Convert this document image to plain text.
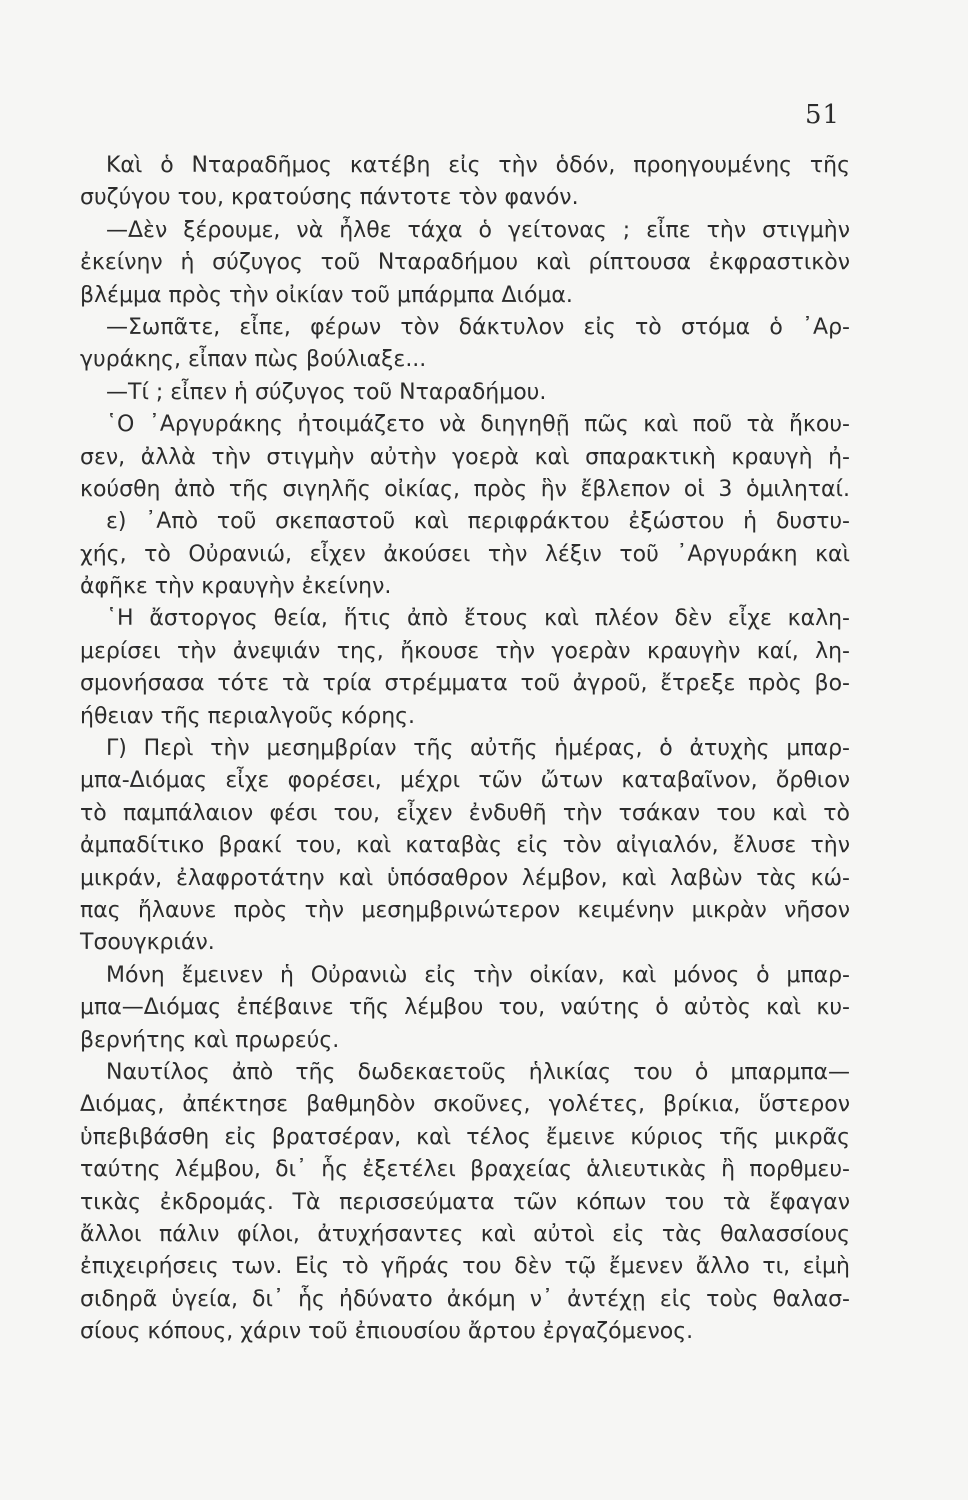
51
Καὶ ὁ Νταραδῆμος κατέβη εἰς τὴν ὁδόν, προηγουμένης τῆς
συζύγου του, κρατούσης πάντοτε τὸν φανόν.
—Δὲν ξέρουμε, νὰ ἦλθε τάχα ὁ γείτονας ; εἶπε τὴν στιγμὴν
ἐκείνην ἡ σύζυγος τοῦ Νταραδήμου καὶ ρίπτουσα ἐκφραστικὸν
βλέμμα πρὸς τὴν οἰκίαν τοῦ μπάρμπα Διόμα.
—Σωπᾶτε, εἶπε, φέρων τὸν δάκτυλον εἰς τὸ στόμα ὁ ᾽Αρ-
γυράκης, εἶπαν πὼς βούλιαξε...
—Τί ; εἶπεν ἡ σύζυγος τοῦ Νταραδήμου.
῾Ο ᾽Αργυράκης ἠτοιμάζετο νὰ διηγηθῇ πῶς καὶ ποῦ τὰ ἤκου-
σεν, ἀλλὰ τὴν στιγμὴν αὐτὴν γοερὰ καὶ σπαρακτικὴ κραυγὴ ἠ-
κούσθη ἀπὸ τῆς σιγηλῆς οἰκίας, πρὸς ἣν ἔβλεπον οἱ 3 ὁμιληταί.
ε) ᾽Απὸ τοῦ σκεπαστοῦ καὶ περιφράκτου ἐξώστου ἡ δυστυ-
χής, τὸ Οὐρανιώ, εἶχεν ἀκούσει τὴν λέξιν τοῦ ᾽Αργυράκη καὶ
ἀφῆκε τὴν κραυγὴν ἐκείνην.
῾Η ἄστοργος θεία, ἥτις ἀπὸ ἔτους καὶ πλέον δὲν εἶχε καλη-
μερίσει τὴν ἀνεψιάν της, ἤκουσε τὴν γοερὰν κραυγὴν καί, λη-
σμονήσασα τότε τὰ τρία στρέμματα τοῦ ἀγροῦ, ἔτρεξε πρὸς βο-
ήθειαν τῆς περιαλγοῦς κόρης.
Γ) Περὶ τὴν μεσημβρίαν τῆς αὐτῆς ἡμέρας, ὁ ἀτυχὴς μπαρ-
μπα-Διόμας εἶχε φορέσει, μέχρι τῶν ὤτων καταβαῖνον, ὄρθιον
τὸ παμπάλαιον φέσι του, εἶχεν ἐνδυθῆ τὴν τσάκαν του καὶ τὸ
ἀμπαδίτικο βρακί του, καὶ καταβὰς εἰς τὸν αἰγιαλόν, ἔλυσε τὴν
μικράν, ἐλαφροτάτην καὶ ὑπόσαθρον λέμβον, καὶ λαβὼν τὰς κώ-
πας ἤλαυνε πρὸς τὴν μεσημβρινώτερον κειμένην μικρὰν νῆσον
Τσουγκριάν.
Μόνη ἔμεινεν ἡ Οὐρανιὼ εἰς τὴν οἰκίαν, καὶ μόνος ὁ μπαρ-
μπα—Διόμας ἐπέβαινε τῆς λέμβου του, ναύτης ὁ αὐτὸς καὶ κυ-
βερνήτης καὶ πρωρεύς.
Ναυτίλος ἀπὸ τῆς δωδεκαετοῦς ἡλικίας του ὁ μπαρμπα—
Διόμας, ἀπέκτησε βαθμηδὸν σκοῦνες, γολέτες, βρίκια, ὕστερον
ὑπεβιβάσθη εἰς βρατσέραν, καὶ τέλος ἔμεινε κύριος τῆς μικρᾶς
ταύτης λέμβου, δι᾽ ἧς ἐξετέλει βραχείας ἁλιευτικὰς ἢ πορθμευ-
τικὰς ἐκδρομάς. Τὰ περισσεύματα τῶν κόπων του τὰ ἔφαγαν
ἄλλοι πάλιν φίλοι, ἀτυχήσαντες καὶ αὐτοὶ εἰς τὰς θαλασσίους
ἐπιχειρήσεις των. Εἰς τὸ γῆράς του δὲν τῷ ἔμενεν ἄλλο τι, εἰμὴ
σιδηρᾶ ὑγεία, δι᾽ ἧς ἠδύνατο ἀκόμη ν᾽ ἀντέχῃ εἰς τοὺς θαλασ-
σίους κόπους, χάριν τοῦ ἐπιουσίου ἄρτου ἐργαζόμενος.
